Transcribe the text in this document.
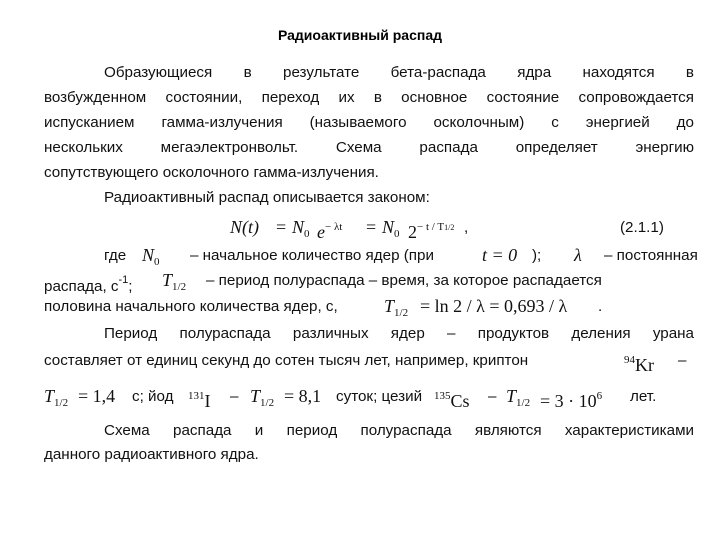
Радиоактивный распад
Образующиеся в результате бета-распада ядра находятся в
возбужденном состоянии, переход их в основное состояние сопровождается
испусканием гамма-излучения (называемого осколочным) с энергией до
нескольких мегаэлектронвольт. Схема распада определяет энергию
сопутствующего осколочного гамма-излучения.
Радиоактивный распад описывается законом:
$N(t) = N_0$ $e^{- \lambda t} = N_0$ $2^{- t / T1/2}$ ,	(2.1.1)
где $N_0$ – начальное количество ядер (при	t = 0 ); λ – постоянная
распада, $с^{-1}$; $T_{1/2}$ – период полураспада – время, за которое распадается
половина начального количества ядер, с,	$T_{1/2} = \ln 2 / \lambda = 0,693 / \lambda$ .
Период полураспада различных ядер – продуктов деления урана
составляет от единиц секунд до сотен тысяч лет, например, криптон	$^{94}$Kr –
$T_{1/2} = 1,4$ с; йод $^{131}I - T_{1/2} = 8,1$ суток; цезий $^{135}Cs - T_{1/2} = 3 \cdot 10^6$ лет.
Схема распада и период полураспада являются характеристиками
данного радиоактивного ядра.
